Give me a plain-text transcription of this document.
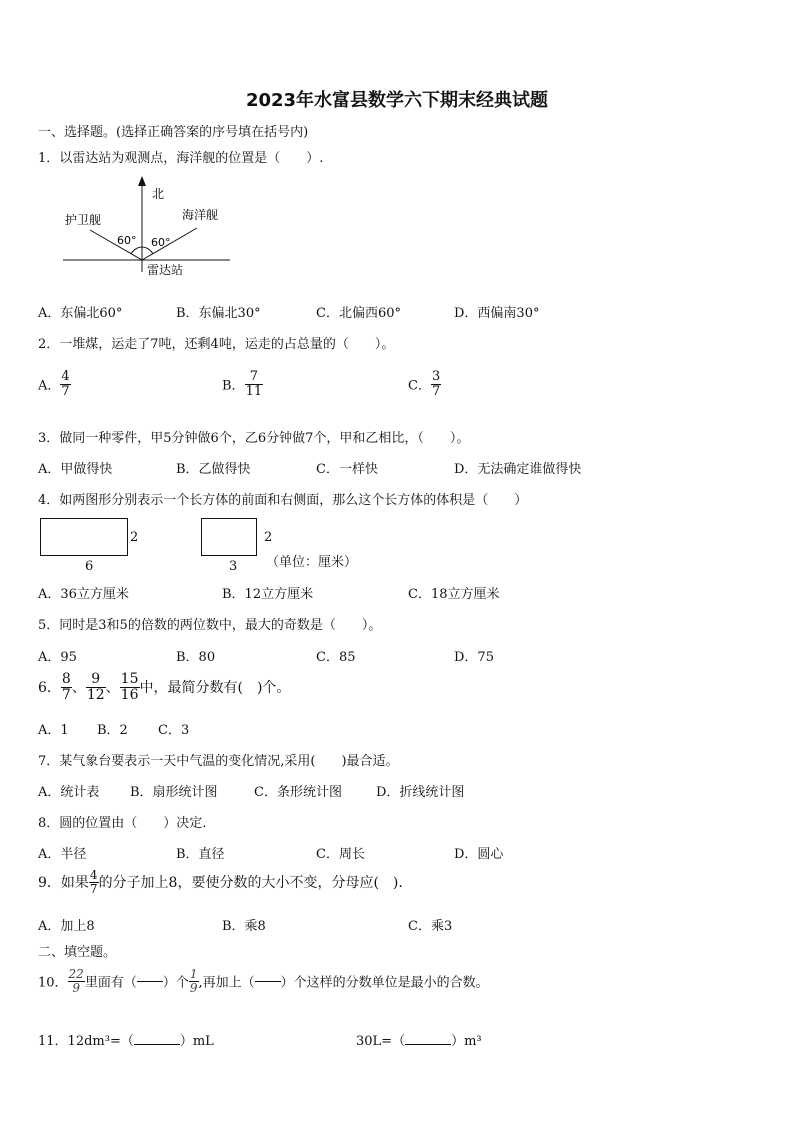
2023年水富县数学六下期末经典试题
一、选择题。(选择正确答案的序号填在括号内)
1．以雷达站为观测点，海洋舰的位置是（　　）.
北
护卫舰	海洋舰
60° 60°
雷达站
A．东偏北60°	B．东偏北30°	C．北偏西60°	D．西偏南30°
2．一堆煤，运走了7吨，还剩4吨，运走的占总量的（　　）。
A． $\frac{4}{7}$	B． $\frac{7}{11}$	C． $\frac{3}{7}$
3．做同一种零件，甲5分钟做6个，乙6分钟做7个，甲和乙相比，（　　）。
A．甲做得快	B．乙做得快	C．一样快	D．无法确定谁做得快
4．如两图形分别表示一个长方体的前面和右侧面，那么这个长方体的体积是（　　）
2
6
2
3 （单位：厘米）
A．36立方厘米	B．12立方厘米	C．18立方厘米
5．同时是3和5的倍数的两位数中，最大的奇数是（　　）。
A．95	B．80	C．85	D．75
6． $\frac{8}{7}$ 、 $\frac{9}{12}$ 、 $\frac{15}{16}$ 中，最简分数有(　)个。
A．1 B．2 C．3
7．某气象台要表示一天中气温的变化情况,采用(　　)最合适。
A．统计表 B．扇形统计图	C．条形统计图	D．折线统计图
8．圆的位置由（　　）决定.
A．半径	B．直径	C．周长	D．圆心
9．如果 $\frac{4}{7}$ 的分子加上8，要使分数的大小不变，分母应(　).
A．加上8	B．乘8	C．乘3
二、填空题。
10． $\frac{22}{9}$ 里面有（ ）个 $\frac{1}{9}$ ,再加上（ ）个这样的分数单位是最小的合数。
11．12dm³=（	）mL	30L=（	）m³
